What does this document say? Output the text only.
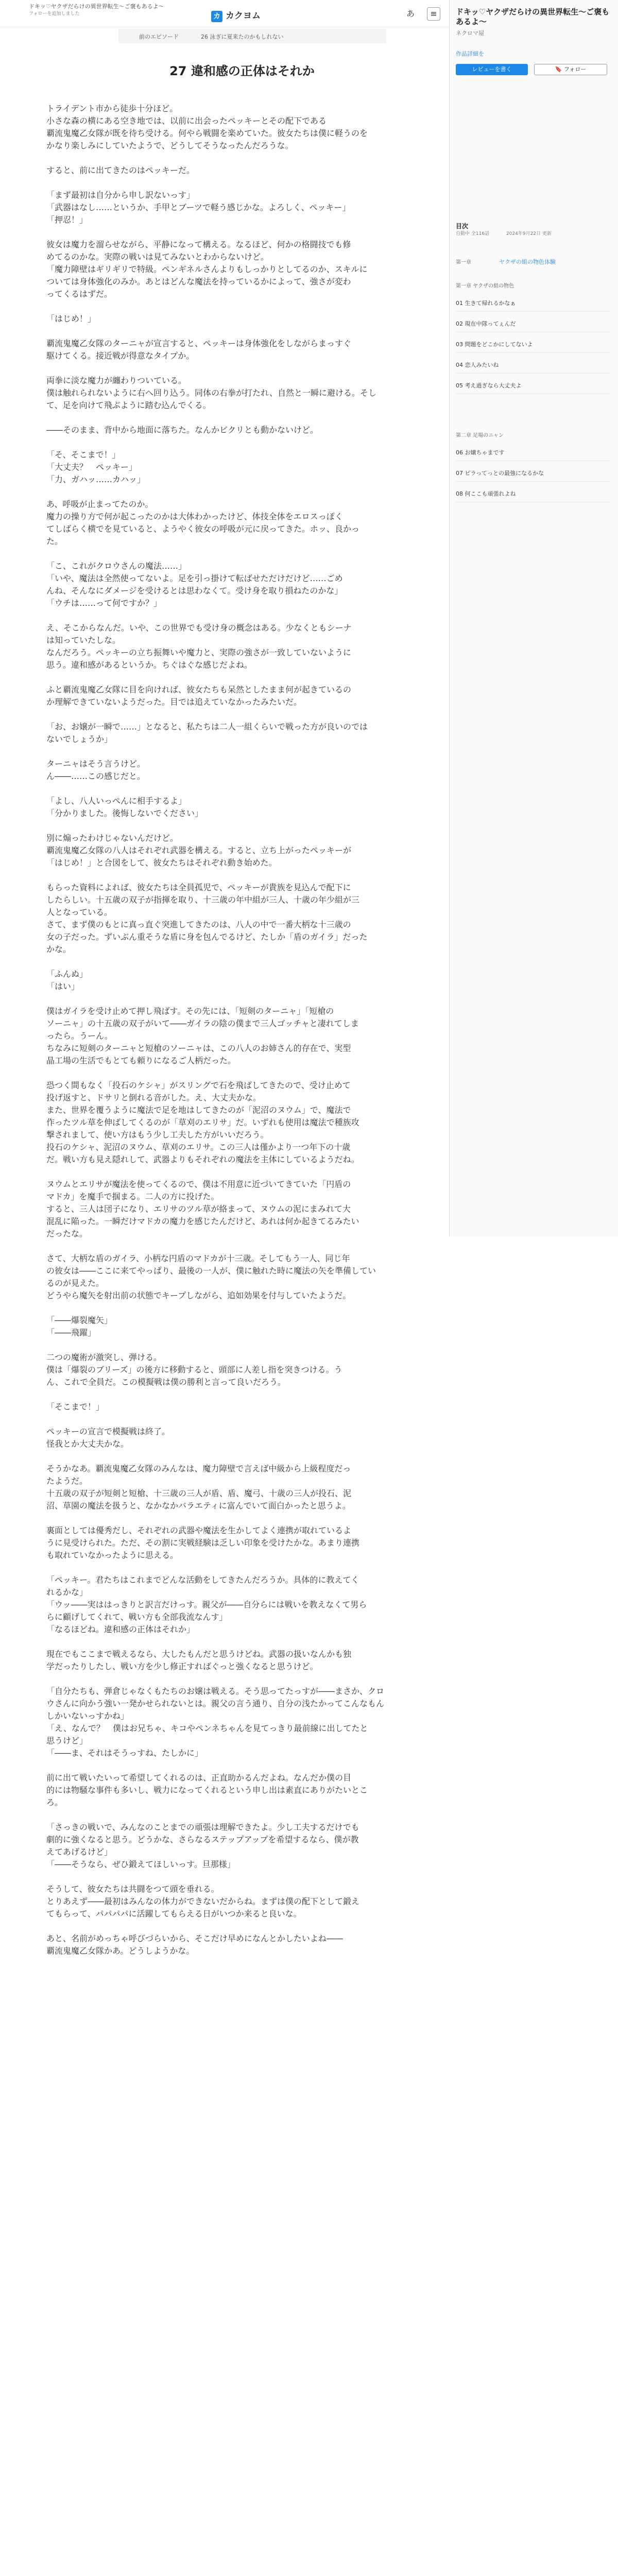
ドキッ♡ヤクザだらけの異世界転生〜ご褒もあるよ〜
フォローを追加しました	カ カクヨム	あ ≡
前のエピソード	26 泳ぎに夏来たのかもしれない
27 違和感の正体はそれか

トライデント市から徒歩十分ほど。

小さな森の横にある空き地では、以前に出会ったペッキーとその配下である

覇流鬼魔乙女隊が既を待ち受ける。何やら戦闘を楽めていた。彼女たちは僕に軽うのを

かなり楽しみにしていたようで、どうしてそうなったんだろうな。

すると、前に出てきたのはペッキーだ。

「まず最初は自分から申し訳ないっす」

「武器はなし……というか、手甲とブーツで軽う感じかな。よろしく、ペッキー」

「押忍！」

彼女は魔力を溜らせながら、平静になって構える。なるほど、何かの格闘技でも修

めてるのかな。実際の戦いは見てみないとわからないけど。

「魔力障壁はギリギリで特級。ペンギネルさんよりもしっかりとしてるのか、スキルに

ついては身体強化のみか。あとはどんな魔法を持っているかによって、強さが変わ

ってくるはずだ。

「はじめ！」

覇流鬼魔乙女隊のターニャが宣言すると、ペッキーは身体強化をしながらまっすぐ

駆けてくる。接近戦が得意なタイプか。

両拳に淡な魔力が纏わりついている。

僕は触れられないように右へ回り込う。同体の右拳が打たれ、自然と一瞬に避ける。そし

て、足を向けて飛ぶように踏む込んでくる。

――そのまま、背中から地面に落ちた。なんかビクリとも動かないけど。

「そ、そこまで！」

「大丈夫？　ペッキー」

「力、ガハッ……カハッ」

あ、呼吸が止まってたのか。

魔力の操り方で何が起こったのかは大体わかったけど、体技全体をエロスっぽく

てしばらく横でを見ていると、ようやく彼女の呼吸が元に戻ってきた。ホッ、良かっ

た。

「こ、これがクロウさんの魔法……」

「いや、魔法は全然使ってないよ。足を引っ掛けて転ばせただけだけど……ごめ

んね、そんなにダメージを受けるとは思わなくて。受け身を取り損ねたのかな」

「ウチは……って何ですか？」

え、そこからなんだ。いや、この世界でも受け身の概念はある。少なくともシーナ

は知っていたしな。

なんだろう。ペッキーの立ち振舞いや魔力と、実際の強さが一致していないように

思う。違和感があるというか。ちぐはぐな感じだよね。

ふと覇流鬼魔乙女隊に目を向ければ、彼女たちも呆然としたまま何が起きているの

か理解できていないようだった。目では追えていなかったみたいだ。

「お、お嬢が一瞬で……」となると、私たちは二人一組くらいで戦った方が良いのでは

ないでしょうか」

ターニャはそう言うけど。

ん――……この感じだと。

「よし、八人いっぺんに相手するよ」

「分かりました。後悔しないでください」

別に煽ったわけじゃないんだけど。

覇流鬼魔乙女隊の八人はそれぞれ武器を構える。すると、立ち上がったペッキーが

「はじめ！」と合図をして、彼女たちはそれぞれ動き始めた。

もらった資料によれば、彼女たちは全員孤児で、ペッキーが貴族を見込んで配下に

したらしい。十五歳の双子が指揮を取り、十三歳の年中組が三人、十歳の年少組が三

人となっている。

さて、まず僕のもとに真っ直ぐ突進してきたのは、八人の中で一番大柄な十三歳の

女の子だった。ずいぶん重そうな盾に身を包んでるけど、たしか「盾のガイラ」だった

かな。

「ふんぬ」

「はい」

僕はガイラを受け止めて押し飛ばす。その先には、「短剣のターニャ」「短槍の

ソーニャ」の十五歳の双子がいて――ガイラの陰の僕まで三人ゴッチャと凄れてしま

ったら。うーん。

ちなみに短剣のターニャと短槍のソーニャは、この八人のお姉さん的存在で、実型

晶工場の生活でもとても頼りになるご人柄だった。

恐つく間もなく「投石のケシャ」がスリングで石を飛ばしてきたので、受け止めて

投げ返すと、ドサリと倒れる音がした。え、大丈夫かな。

また、世界を覆うように魔法で足を地はしてきたのが「泥沼のヌウム」で、魔法で

作ったツル草を伸ばしてくるのが「草刈のエリサ」だ。いずれも使用は魔法で種族攻

撃されまして、使い方はもう少し工夫した方がいいだろう。

投石のケシャ、泥沼のヌウム、草刈のエリサ。この三人は僅かより一つ年下の十歳

だ。戦い方も見え隠れして、武器よりもそれぞれの魔法を主体にしているようだね。

ヌウムとエリサが魔法を使ってくるので、僕は不用意に近づいてきていた「円盾の

マドカ」を魔手で掴まる。二人の方に投げた。

すると、三人は団子になり、エリサのツル草が絡まって、ヌウムの泥にまみれて大

混乱に陥った。一瞬だけマドカの魔力を感じたんだけど、あれは何か起きてるみたい

だったな。

さて、大柄な盾のガイラ、小柄な円盾のマドカが十三歳。そしてもう一人、同じ年

の彼女は――ここに来てやっぱり、最後の一人が、僕に触れた時に魔法の矢を準備してい

るのが見えた。

どうやら魔矢を射出前の状態でキープしながら、追如効果を付与していたようだ。

「――爆裂魔矢」

「――飛躍」

二つの魔術が激突し、弾ける。

僕は「爆裂のブリーズ」の後方に移動すると、頭部に人差し指を突きつける。う

ん、これで全員だ。この模擬戦は僕の勝利と言って良いだろう。

「そこまで！」

ペッキーの宣言で模擬戦は終了。

怪我とか大丈夫かな。

そうかなあ。覇流鬼魔乙女隊のみんなは、魔力障壁で言えば中級から上級程度だっ

たようだ。

十五歳の双子が短剣と短槍、十三歳の三人が盾、盾、魔弓、十歳の三人が投石、泥

沼、草園の魔法を扱うと、なかなかバラエティに富んでいて面白かったと思うよ。

裏面としては優秀だし、それぞれの武器や魔法を生かしてよく連携が取れているよ

うに見受けられた。ただ、その割に実戦経験は乏しい印象を受けたかな。あまり連携

も取れていなかったように思える。

「ペッキー。君たちはこれまでどんな活動をしてきたんだろうか。具体的に教えてく

れるかな」

「ウッ――実ははっきりと訳言だけっす。親父が――自分らには戦いを教えなくて男ら

らに顧げしてくれて、戦い方も全部我流なんす」

「なるほどね。違和感の正体はそれか」

現在でもここまで戦えるなら、大したもんだと思うけどね。武器の扱いなんかも独

学だったりしたし、戦い方を少し修正すればぐっと強くなると思うけど。

「自分たちも、弾倉じゃなくもたちのお嬢は戦える。そう思ってたっすが――まさか、クロ

ウさんに向かう強い一発かせられないとは。親父の言う通り、自分の浅たかってこんなもん

しかいないっすかね」

「え、なんで？　僕はお兄ちゃ、キコやペンネちゃんを見てっきり最前線に出してたと

思うけど」

「――ま、それはそうっすね、たしかに」

前に出て戦いたいって希望してくれるのは、正直助かるんだよね。なんだか僕の目

的には物騒な事件も多いし、戦力になってくれるという申し出は素直にありがたいとこ

ろ。

「さっきの戦いで、みんなのことまでの頑張は理解できたよ。少し工夫するだけでも

劇的に強くなると思う。どうかな、さらなるステップアップを希望するなら、僕が教

えてあげるけど」

「――そうなら、ぜひ鍛えてほしいっす。旦那様」

そうして、彼女たちは共闘をつて頭を垂れる。

とりあえず――最初はみんなの体力ができないだからね。まずは僕の配下として鍛え

てもらって、パパパパに活躍してもらえる日がいつか来ると良いな。

あと、名前がめっちゃ呼びづらいから、そこだけ早めになんとかしたいよね――

覇流鬼魔乙女隊かあ。どうしようかな。

ドキッ♡ヤクザだらけの異世界転生〜ご褒もあるよ〜
ネクロマ屋
作品詳細を
レビューを書く	🔖 フォロー
目次
自動中 全116話	2024年9月22日 更新
第一章	ヤクザの組の物色体験
第一章 ヤクザの組の物色
01 生きて帰れるかなぁ
02 現在中隊ってぇんだ
03 問題をどこかにしてないよ
04 恋人みたいね
05 考え過ぎなら大丈夫よ
第二章 足場のニャン
06 お嬢ちゃまです
07 ピラってっとの最強になるかな
08 何ここも頑張れよね
